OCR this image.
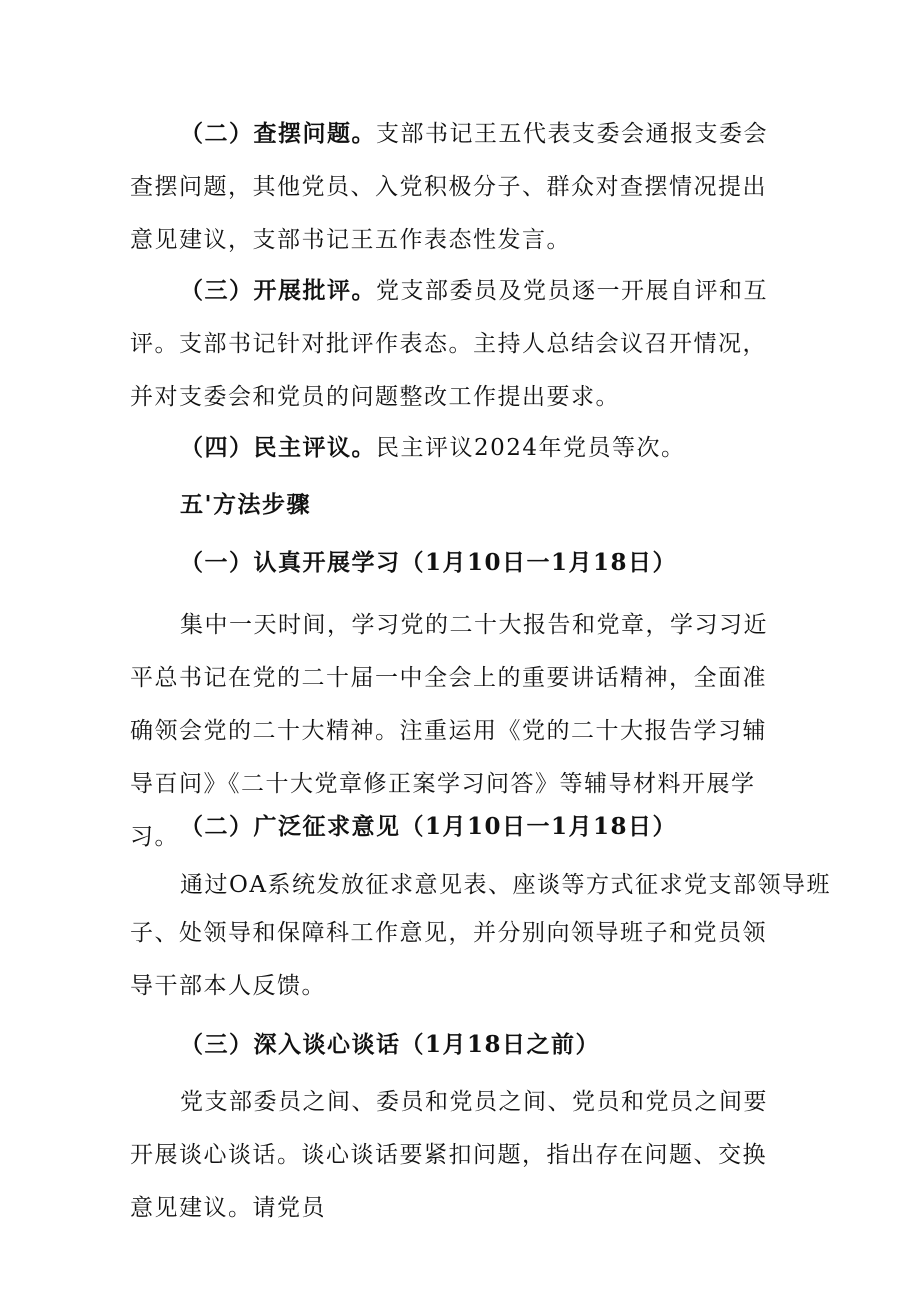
（二）查摆问题。支部书记王五代表支委会通报支委会查摆问题，其他党员、入党积极分子、群众对查摆情况提出意见建议，支部书记王五作表态性发言。

（三）开展批评。党支部委员及党员逐一开展自评和互评。支部书记针对批评作表态。主持人总结会议召开情况，并对支委会和党员的问题整改工作提出要求。

（四）民主评议。民主评议2024年党员等次。

五'方法步骤

（一）认真开展学习（1月10日一1月18日）

集中一天时间，学习党的二十大报告和党章，学习习近平总书记在党的二十届一中全会上的重要讲话精神，全面准确领会党的二十大精神。注重运用《党的二十大报告学习辅导百问》《二十大党章修正案学习问答》等辅导材料开展学习。 （二）广泛征求意见（1月10日一1月18日）

通过OA系统发放征求意见表、座谈等方式征求党支部领导班

子、处领导和保障科工作意见，并分别向领导班子和党员领导干部本人反馈。

（三）深入谈心谈话（1月18日之前）

党支部委员之间、委员和党员之间、党员和党员之间要开展谈心谈话。谈心谈话要紧扣问题，指出存在问题、交换意见建议。请党员
